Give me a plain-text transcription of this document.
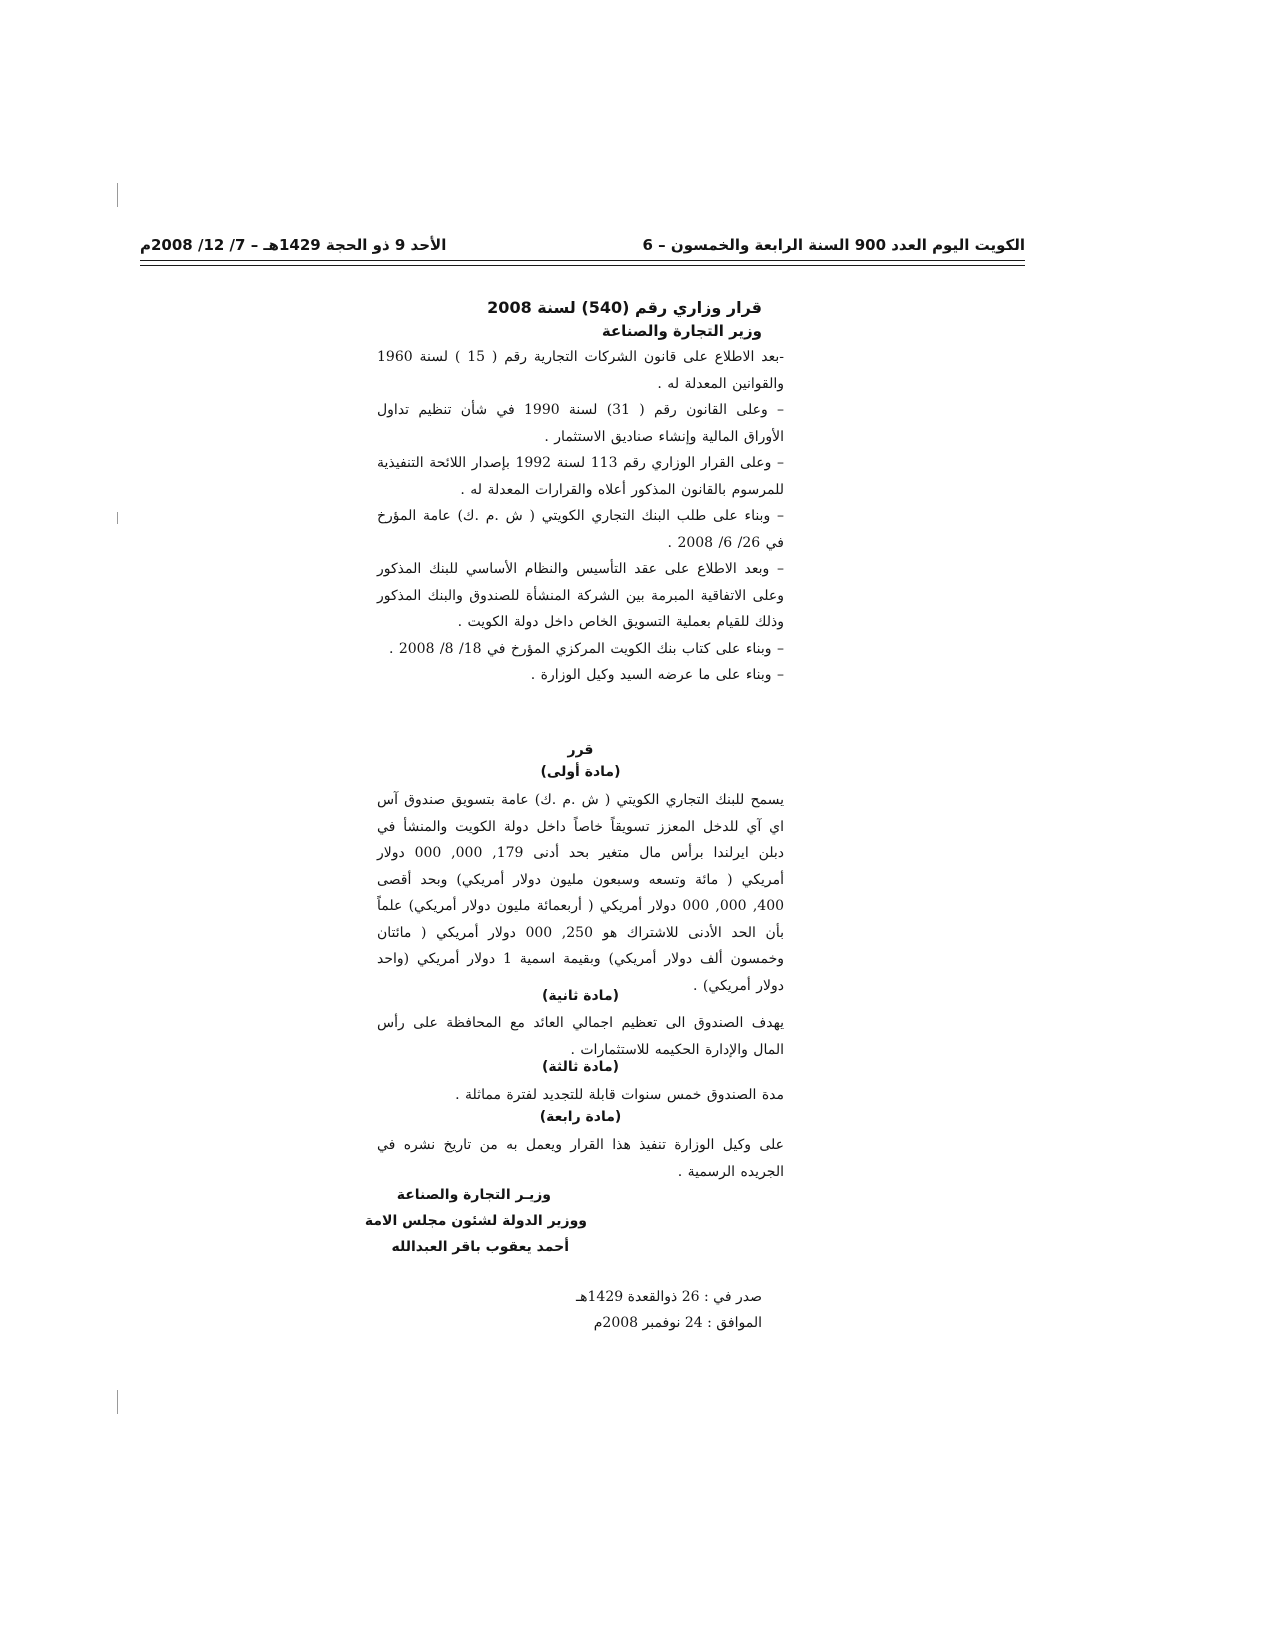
الكويت اليوم العدد 900 السنة الرابعة والخمسون – 6
الأحد 9 ذو الحجة 1429هـ – 7/ 12/ 2008م
قرار وزاري رقم (540) لسنة 2008
وزير التجارة والصناعة

-بعد الاطلاع على قانون الشركات التجارية رقم ( 15 ) لسنة 1960 والقوانين المعدلة له .

– وعلى القانون رقم ( 31) لسنة 1990 في شأن تنظيم تداول الأوراق المالية وإنشاء صناديق الاستثمار .

– وعلى القرار الوزاري رقم 113 لسنة 1992 بإصدار اللائحة التنفيذية للمرسوم بالقانون المذكور أعلاه والقرارات المعدلة له .

– وبناء على طلب البنك التجاري الكويتي ( ش .م .ك) عامة المؤرخ في 26/ 6/ 2008 .

– وبعد الاطلاع على عقد التأسيس والنظام الأساسي للبنك المذكور وعلى الاتفاقية المبرمة بين الشركة المنشأة للصندوق والبنك المذكور وذلك للقيام بعملية التسويق الخاص داخل دولة الكويت .

– وبناء على كتاب بنك الكويت المركزي المؤرخ في 18/ 8/ 2008 .

– وبناء على ما عرضه السيد وكيل الوزارة .

قرر
(مادة أولى)

يسمح للبنك التجاري الكويتي ( ش .م .ك) عامة بتسويق صندوق آس اي آي للدخل المعزز تسويقاً خاصاً داخل دولة الكويت والمنشأ في دبلن ايرلندا برأس مال متغير بحد أدنى 179, 000, 000 دولار أمريكي ( مائة وتسعه وسبعون مليون دولار أمريكي) وبحد أقصى 400, 000, 000 دولار أمريكي ( أربعمائة مليون دولار أمريكي) علماً بأن الحد الأدنى للاشتراك هو 250, 000 دولار أمريكي ( مائتان وخمسون ألف دولار أمريكي) وبقيمة اسمية 1 دولار أمريكي (واحد دولار أمريكي) .

(مادة ثانية)

يهدف الصندوق الى تعظيم اجمالي العائد مع المحافظة على رأس المال والإدارة الحكيمه للاستثمارات .

(مادة ثالثة)

مدة الصندوق خمس سنوات قابلة للتجديد لفترة مماثلة .

(مادة رابعة)

على وكيل الوزارة تنفيذ هذا القرار ويعمل به من تاريخ نشره في الجريده الرسمية .

وزيـر التجارة والصناعة
ووزير الدولة لشئون مجلس الامة
أحمد يعقوب باقر العبدالله
صدر في : 26 ذوالقعدة 1429هـ
الموافق : 24 نوفمبر 2008م
